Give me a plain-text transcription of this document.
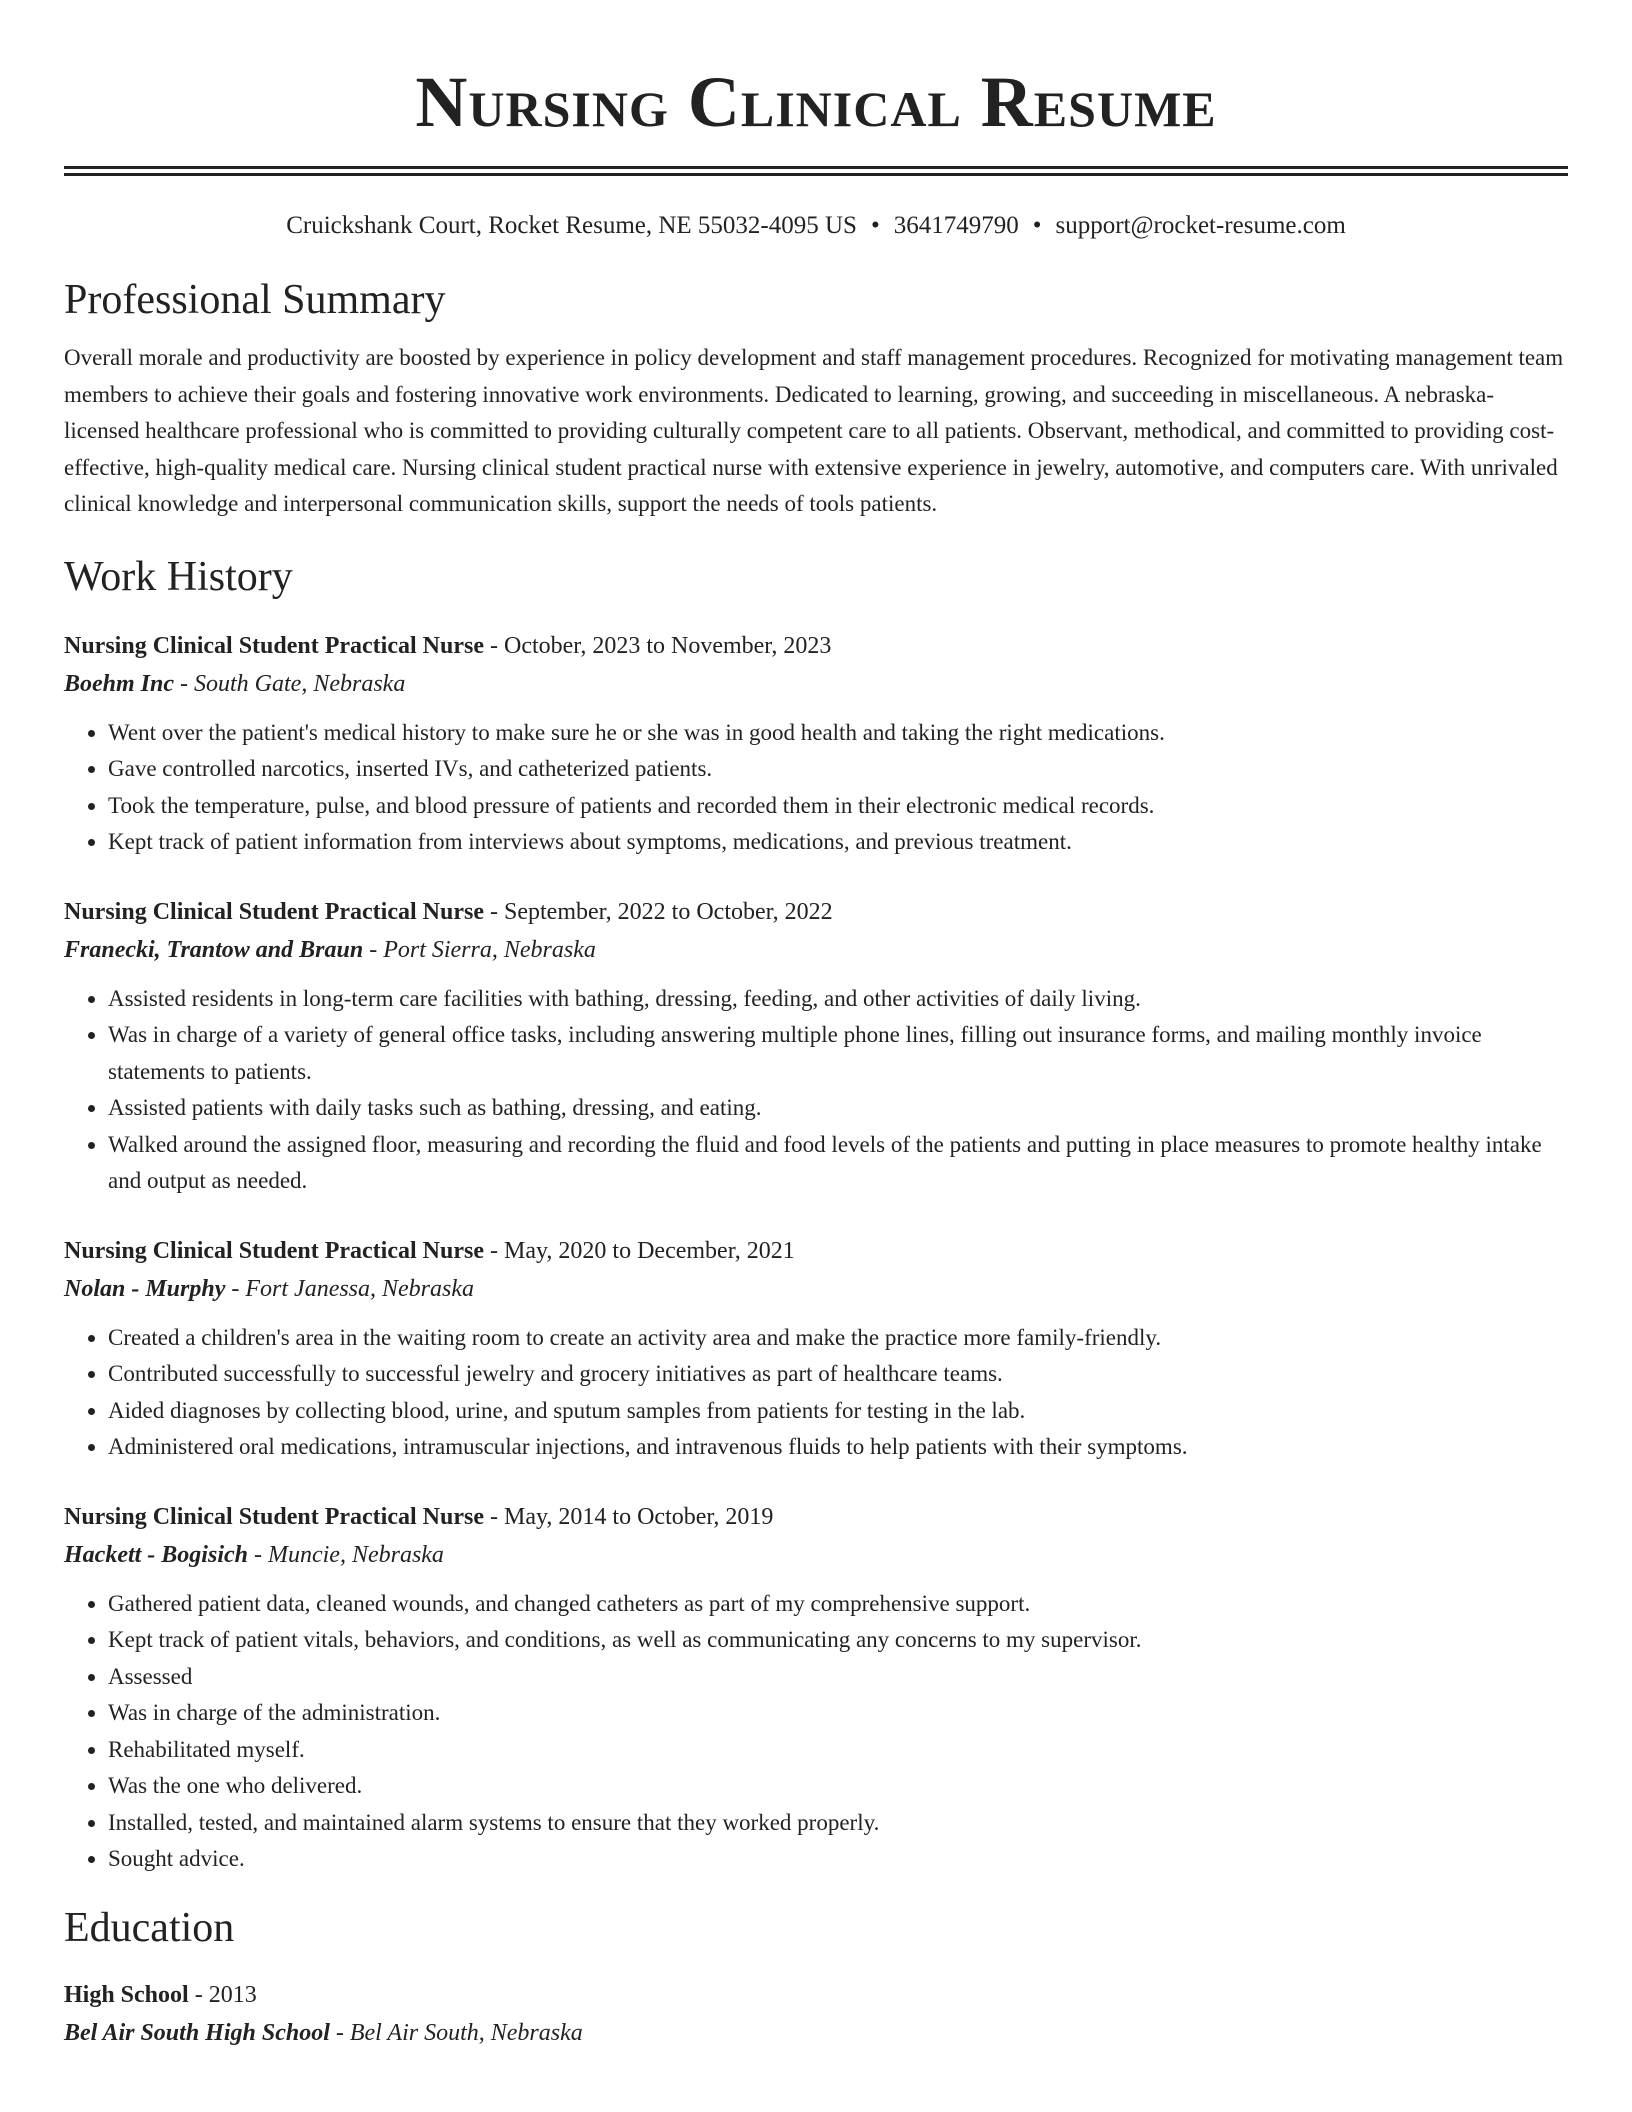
Nursing Clinical Resume
Cruickshank Court, Rocket Resume, NE 55032-4095 US • 3641749790 • support@rocket-resume.com
Professional Summary

Overall morale and productivity are boosted by experience in policy development and staff management procedures. Recognized for motivating management team members to achieve their goals and fostering innovative work environments. Dedicated to learning, growing, and succeeding in miscellaneous. A nebraska-licensed healthcare professional who is committed to providing culturally competent care to all patients. Observant, methodical, and committed to providing cost-effective, high-quality medical care. Nursing clinical student practical nurse with extensive experience in jewelry, automotive, and computers care. With unrivaled clinical knowledge and interpersonal communication skills, support the needs of tools patients.

Work History
Nursing Clinical Student Practical Nurse - October, 2023 to November, 2023
Boehm Inc - South Gate, Nebraska
• Went over the patient's medical history to make sure he or she was in good health and taking the right medications.
• Gave controlled narcotics, inserted IVs, and catheterized patients.
• Took the temperature, pulse, and blood pressure of patients and recorded them in their electronic medical records.
• Kept track of patient information from interviews about symptoms, medications, and previous treatment.
Nursing Clinical Student Practical Nurse - September, 2022 to October, 2022
Franecki, Trantow and Braun - Port Sierra, Nebraska
• Assisted residents in long-term care facilities with bathing, dressing, feeding, and other activities of daily living.
• Was in charge of a variety of general office tasks, including answering multiple phone lines, filling out insurance forms, and mailing monthly invoice statements to patients.
• Assisted patients with daily tasks such as bathing, dressing, and eating.
• Walked around the assigned floor, measuring and recording the fluid and food levels of the patients and putting in place measures to promote healthy intake and output as needed.
Nursing Clinical Student Practical Nurse - May, 2020 to December, 2021
Nolan - Murphy - Fort Janessa, Nebraska
• Created a children's area in the waiting room to create an activity area and make the practice more family-friendly.
• Contributed successfully to successful jewelry and grocery initiatives as part of healthcare teams.
• Aided diagnoses by collecting blood, urine, and sputum samples from patients for testing in the lab.
• Administered oral medications, intramuscular injections, and intravenous fluids to help patients with their symptoms.
Nursing Clinical Student Practical Nurse - May, 2014 to October, 2019
Hackett - Bogisich - Muncie, Nebraska
• Gathered patient data, cleaned wounds, and changed catheters as part of my comprehensive support.
• Kept track of patient vitals, behaviors, and conditions, as well as communicating any concerns to my supervisor.
• Assessed
• Was in charge of the administration.
• Rehabilitated myself.
• Was the one who delivered.
• Installed, tested, and maintained alarm systems to ensure that they worked properly.
• Sought advice.
Education
High School - 2013
Bel Air South High School - Bel Air South, Nebraska
